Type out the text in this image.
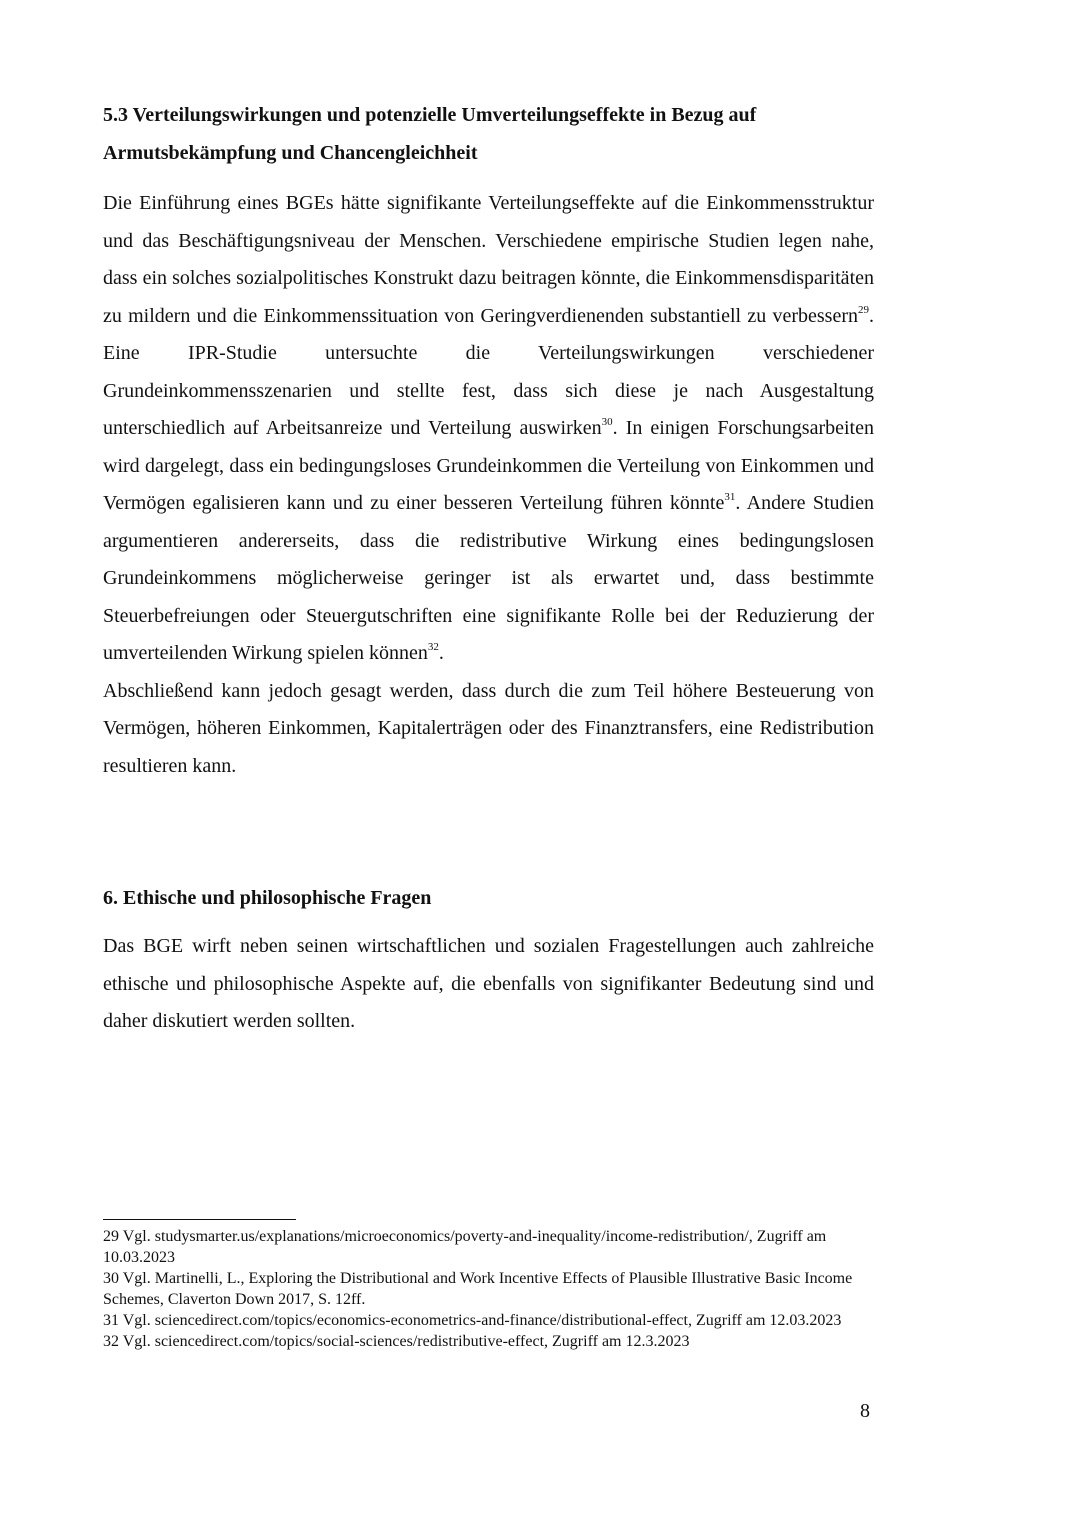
5.3 Verteilungswirkungen und potenzielle Umverteilungseffekte in Bezug auf Armutsbekämpfung und Chancengleichheit

Die Einführung eines BGEs hätte signifikante Verteilungseffekte auf die Einkommensstruktur und das Beschäftigungsniveau der Menschen. Verschiedene empirische Studien legen nahe, dass ein solches sozialpolitisches Konstrukt dazu beitragen könnte, die Einkommensdisparitäten zu mildern und die Einkommenssituation von Geringverdienenden substantiell zu verbessern$^{29}$. Eine IPR-Studie untersuchte die Verteilungswirkungen verschiedener Grundeinkommensszenarien und stellte fest, dass sich diese je nach Ausgestaltung unterschiedlich auf Arbeitsanreize und Verteilung auswirken$^{30}$. In einigen Forschungsarbeiten wird dargelegt, dass ein bedingungsloses Grundeinkommen die Verteilung von Einkommen und Vermögen egalisieren kann und zu einer besseren Verteilung führen könnte$^{31}$. Andere Studien argumentieren andererseits, dass die redistributive Wirkung eines bedingungslosen Grundeinkommens möglicherweise geringer ist als erwartet und, dass bestimmte Steuerbefreiungen oder Steuergutschriften eine signifikante Rolle bei der Reduzierung der umverteilenden Wirkung spielen können$^{32}$.

Abschließend kann jedoch gesagt werden, dass durch die zum Teil höhere Besteuerung von Vermögen, höheren Einkommen, Kapitalerträgen oder des Finanztransfers, eine Redistribution resultieren kann.

6. Ethische und philosophische Fragen

Das BGE wirft neben seinen wirtschaftlichen und sozialen Fragestellungen auch zahlreiche ethische und philosophische Aspekte auf, die ebenfalls von signifikanter Bedeutung sind und daher diskutiert werden sollten.

29 Vgl. studysmarter.us/explanations/microeconomics/poverty-and-inequality/income-redistribution/, Zugriff am 10.03.2023

30 Vgl. Martinelli, L., Exploring the Distributional and Work Incentive Effects of Plausible Illustrative Basic Income Schemes, Claverton Down 2017, S. 12ff.

31 Vgl. sciencedirect.com/topics/economics-econometrics-and-finance/distributional-effect, Zugriff am 12.03.2023

32 Vgl. sciencedirect.com/topics/social-sciences/redistributive-effect, Zugriff am 12.3.2023

8
